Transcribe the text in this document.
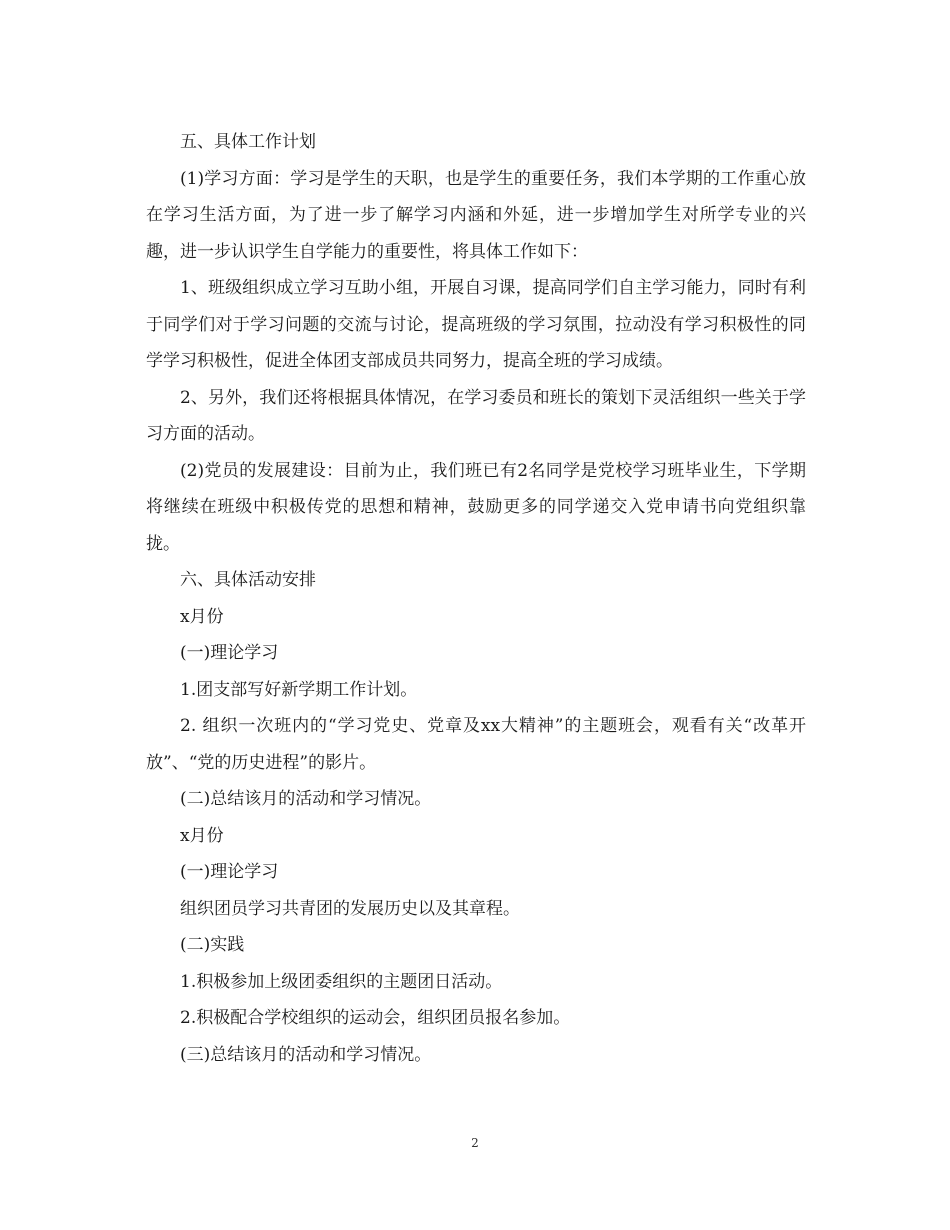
五、具体工作计划

(1)学习方面：学习是学生的天职，也是学生的重要任务，我们本学期的工作重心放在学习生活方面，为了进一步了解学习内涵和外延，进一步增加学生对所学专业的兴趣，进一步认识学生自学能力的重要性，将具体工作如下：

1、班级组织成立学习互助小组，开展自习课，提高同学们自主学习能力，同时有利于同学们对于学习问题的交流与讨论，提高班级的学习氛围，拉动没有学习积极性的同学学习积极性，促进全体团支部成员共同努力，提高全班的学习成绩。

2、另外，我们还将根据具体情况，在学习委员和班长的策划下灵活组织一些关于学习方面的活动。

(2)党员的发展建设：目前为止，我们班已有2名同学是党校学习班毕业生，下学期将继续在班级中积极传党的思想和精神，鼓励更多的同学递交入党申请书向党组织靠拢。

六、具体活动安排

x月份

(一)理论学习

1.团支部写好新学期工作计划。

2. 组织一次班内的“学习党史、党章及xx大精神”的主题班会，观看有关“改革开放”、“党的历史进程”的影片。

(二)总结该月的活动和学习情况。

x月份

(一)理论学习

组织团员学习共青团的发展历史以及其章程。

(二)实践

1.积极参加上级团委组织的主题团日活动。

2.积极配合学校组织的运动会，组织团员报名参加。

(三)总结该月的活动和学习情况。

2
